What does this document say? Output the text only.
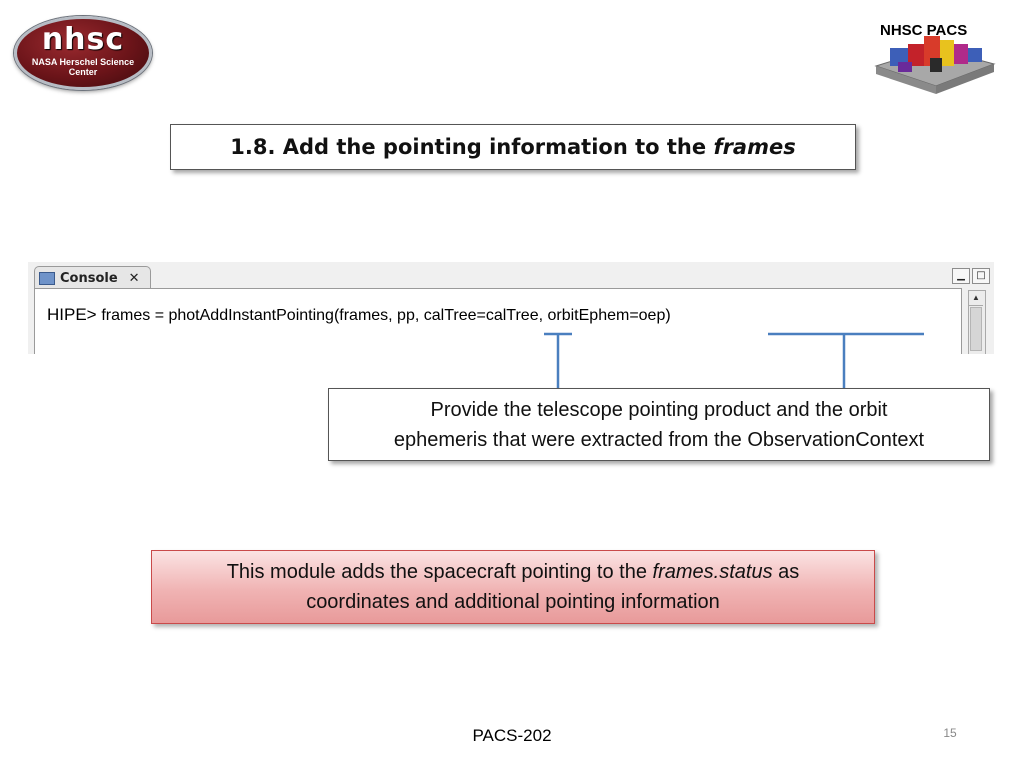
nhsc
NASA Herschel Science Center
NHSC PACS
1.8. Add the pointing information to the frames
Console ✕	▁	□
HIPE> frames = photAddInstantPointing(frames, pp, calTree=calTree, orbitEphem=oep)
▲
Provide the telescope pointing product and the orbit
ephemeris that were extracted from the ObservationContext
This module adds the spacecraft pointing to the frames.status as
coordinates and additional pointing information
PACS-202	15
